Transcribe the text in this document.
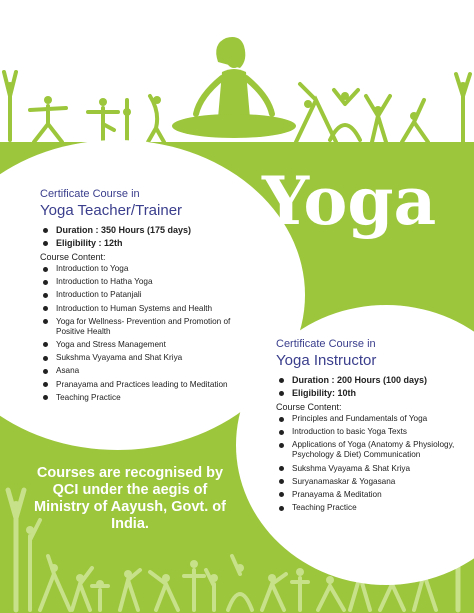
Yoga
Certificate Course in
Yoga Teacher/Trainer
Duration : 350 Hours (175 days)
Eligibility : 12th
Course Content:
Introduction to Yoga
Introduction to Hatha Yoga
Introduction to Patanjali
Introduction to Human Systems and Health
Yoga for Wellness- Prevention and Promotion of Positive Health
Yoga and Stress Management
Sukshma Vyayama and Shat Kriya
Asana
Pranayama and Practices leading to Meditation
Teaching Practice
Certificate Course in
Yoga Instructor
Duration : 200 Hours (100 days)
Eligibility: 10th
Course Content:
Principles and Fundamentals of Yoga
Introduction to basic Yoga Texts
Applications of Yoga (Anatomy & Physiology, Psychology & Diet) Communication
Sukshma Vyayama & Shat Kriya
Suryanamaskar & Yogasana
Pranayama & Meditation
Teaching Practice
Courses are recognised by QCI under the aegis of Ministry of Aayush, Govt. of India.
